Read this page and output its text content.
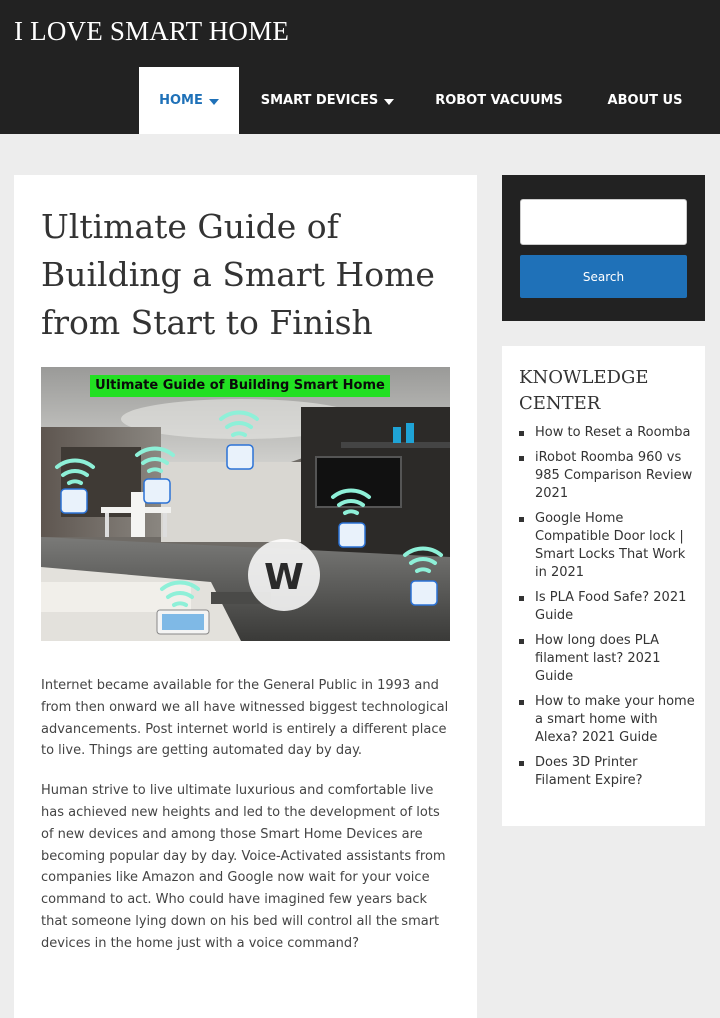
I LOVE SMART HOME
HOME	SMART DEVICES	ROBOT VACUUMS	ABOUT US
Ultimate Guide of Building a Smart Home from Start to Finish
W
Ultimate Guide of Building Smart Home

Internet became available for the General Public in 1993 and from then onward we all have witnessed biggest technological advancements. Post internet world is entirely a different place to live. Things are getting automated day by day.

Human strive to live ultimate luxurious and comfortable live has achieved new heights and led to the development of lots of new devices and among those Smart Home Devices are becoming popular day by day. Voice-Activated assistants from companies like Amazon and Google now wait for your voice command to act. Who could have imagined few years back that someone lying down on his bed will control all the smart devices in the home just with a voice command?

Search
KNOWLEDGE CENTER
How to Reset a Roomba
iRobot Roomba 960 vs 985 Comparison Review 2021
Google Home Compatible Door lock | Smart Locks That Work in 2021
Is PLA Food Safe? 2021 Guide
How long does PLA filament last? 2021 Guide
How to make your home a smart home with Alexa? 2021 Guide
Does 3D Printer Filament Expire?
